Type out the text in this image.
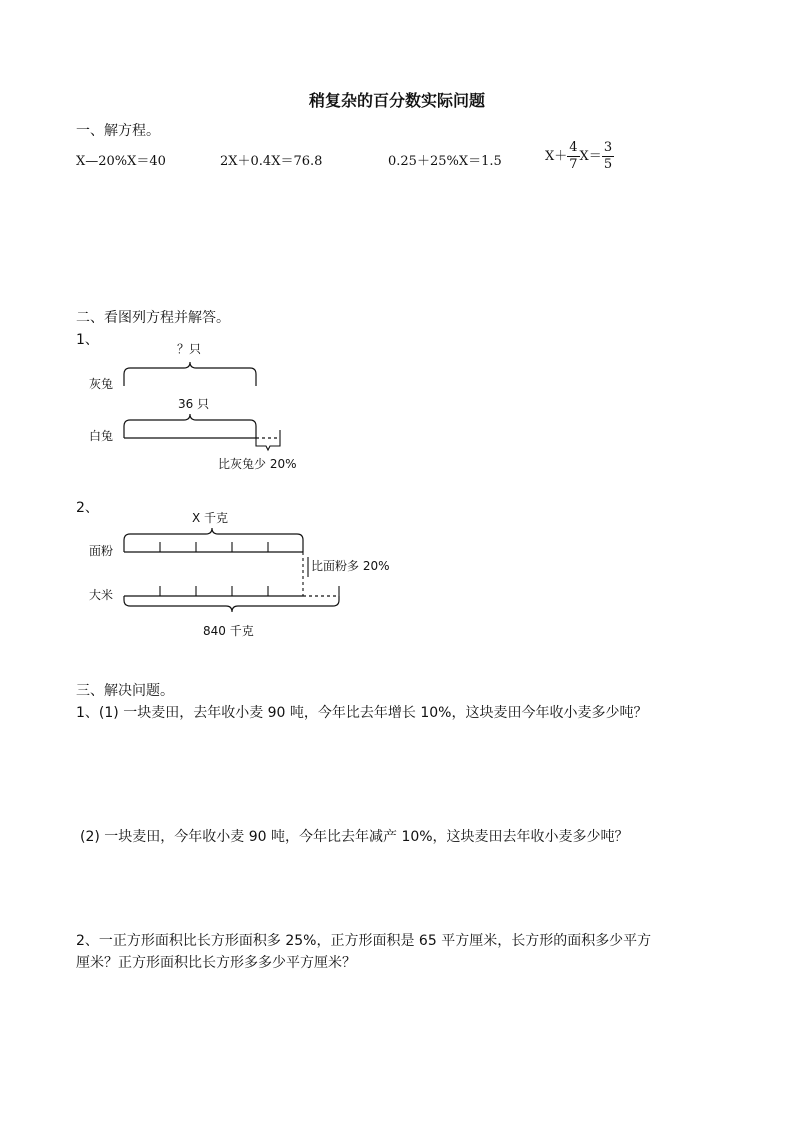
稍复杂的百分数实际问题
一、解方程。
X—20%X＝40	2X＋0.4X＝76.8	0.25＋25%X＝1.5	$X+ \frac{4}{7} X= \frac{3}{5}$
二、看图列方程并解答。
1、
？只
灰兔
36 只
白兔
比灰兔少 20%
2、
X 千克
面粉
比面粉多 20%
大米
840 千克
三、解决问题。
1、(1) 一块麦田，去年收小麦 90 吨，今年比去年增长 10%，这块麦田今年收小麦多少吨？
(2) 一块麦田，今年收小麦 90 吨，今年比去年减产 10%，这块麦田去年收小麦多少吨？
2、一正方形面积比长方形面积多 25%，正方形面积是 65 平方厘米，长方形的面积多少平方
厘米？正方形面积比长方形多多少平方厘米？
